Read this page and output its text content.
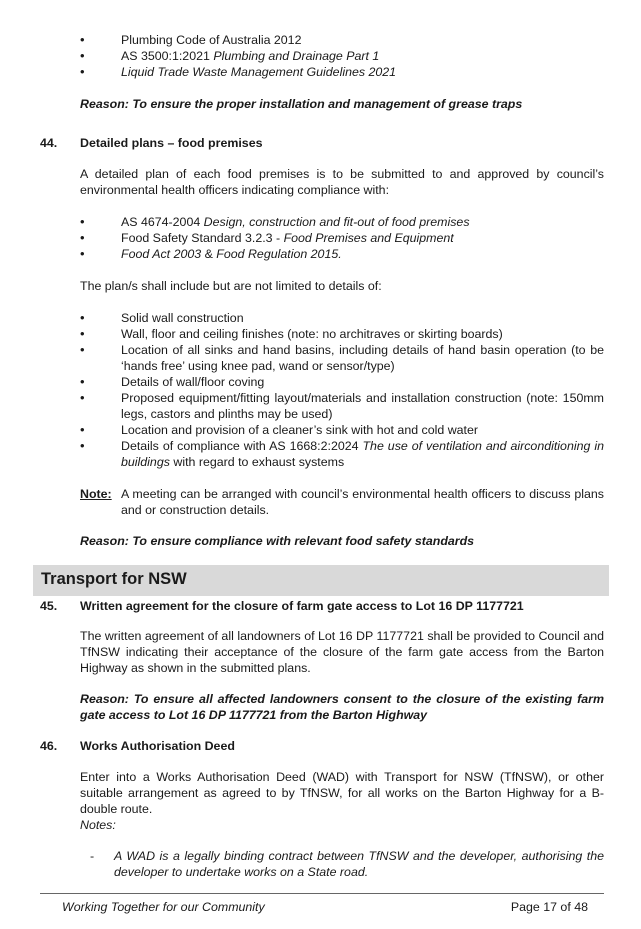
•	Plumbing Code of Australia 2012
•	AS 3500:1:2021 Plumbing and Drainage Part 1
•	Liquid Trade Waste Management Guidelines 2021
Reason: To ensure the proper installation and management of grease traps
44. Detailed plans – food premises
A detailed plan of each food premises is to be submitted to and approved by council’s environmental health officers indicating compliance with:
•	AS 4674-2004 Design, construction and fit-out of food premises
•	Food Safety Standard 3.2.3 - Food Premises and Equipment
•	Food Act 2003 & Food Regulation 2015.
The plan/s shall include but are not limited to details of:
•	Solid wall construction
•	Wall, floor and ceiling finishes (note: no architraves or skirting boards)
•	Location of all sinks and hand basins, including details of hand basin operation (to be ‘hands free’ using knee pad, wand or sensor/type)
•	Details of wall/floor coving
•	Proposed equipment/fitting layout/materials and installation construction (note: 150mm legs, castors and plinths may be used)
•	Location and provision of a cleaner’s sink with hot and cold water
•	Details of compliance with AS 1668:2:2024 The use of ventilation and airconditioning in buildings with regard to exhaust systems
Note: A meeting can be arranged with council’s environmental health officers to discuss plans and or construction details.
Reason: To ensure compliance with relevant food safety standards
Transport for NSW
45. Written agreement for the closure of farm gate access to Lot 16 DP 1177721
The written agreement of all landowners of Lot 16 DP 1177721 shall be provided to Council and TfNSW indicating their acceptance of the closure of the farm gate access from the Barton Highway as shown in the submitted plans.
Reason: To ensure all affected landowners consent to the closure of the existing farm gate access to Lot 16 DP 1177721 from the Barton Highway
46. Works Authorisation Deed
Enter into a Works Authorisation Deed (WAD) with Transport for NSW (TfNSW), or other suitable arrangement as agreed to by TfNSW, for all works on the Barton Highway for a B-double route.
Notes:
- A WAD is a legally binding contract between TfNSW and the developer, authorising the developer to undertake works on a State road.
Working Together for our Community	Page 17 of 48
